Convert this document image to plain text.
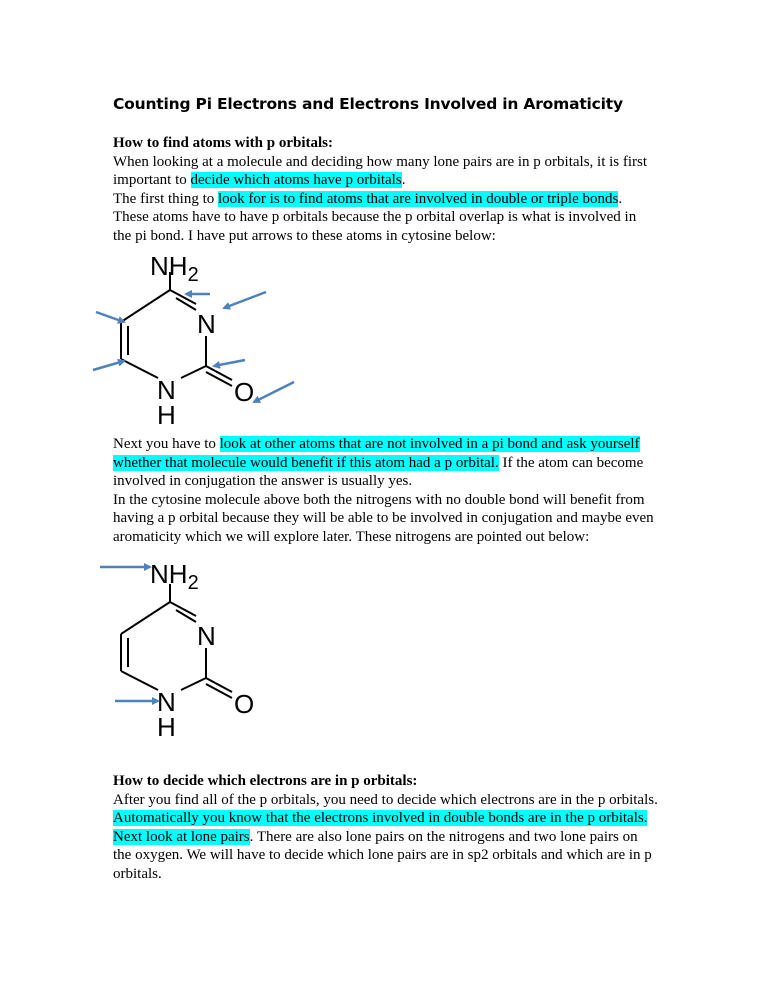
Counting Pi Electrons and Electrons Involved in Aromaticity
How to find atoms with p orbitals:
When looking at a molecule and deciding how many lone pairs are in p orbitals, it is first important to decide which atoms have p orbitals.
The first thing to look for is to find atoms that are involved in double or triple bonds. These atoms have to have p orbitals because the p orbital overlap is what is involved in the pi bond. I have put arrows to these atoms in cytosine below:
$NH_2$
N
N
H
O
Next you have to look at other atoms that are not involved in a pi bond and ask yourself whether that molecule would benefit if this atom had a p orbital. If the atom can become involved in conjugation the answer is usually yes.
In the cytosine molecule above both the nitrogens with no double bond will benefit from having a p orbital because they will be able to be involved in conjugation and maybe even aromaticity which we will explore later. These nitrogens are pointed out below:
$NH_2$
N
N
H
O
How to decide which electrons are in p orbitals:
After you find all of the p orbitals, you need to decide which electrons are in the p orbitals. Automatically you know that the electrons involved in double bonds are in the p orbitals.
Next look at lone pairs. There are also lone pairs on the nitrogens and two lone pairs on the oxygen. We will have to decide which lone pairs are in sp2 orbitals and which are in p orbitals.
